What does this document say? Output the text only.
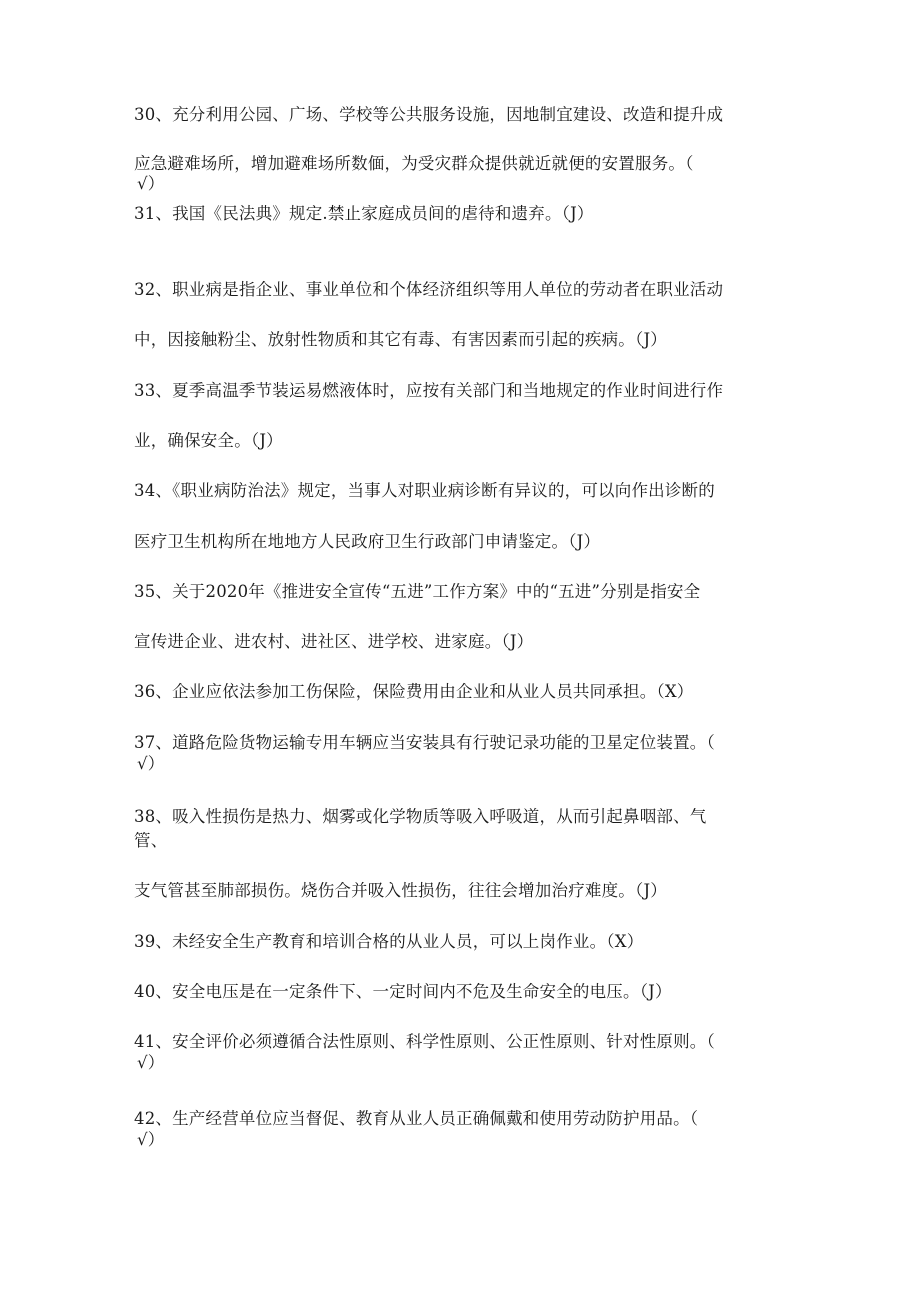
30、充分利用公园、广场、学校等公共服务设施，因地制宜建设、改造和提升成
应急避难场所，增加避难场所数偭，为受灾群众提供就近就便的安置服务。（
√）
31、我国《民法典》规定.禁止家庭成员间的虐待和遗弃。（J）
32、职业病是指企业、事业单位和个体经济组织等用人单位的劳动者在职业活动
中，因接触粉尘、放射性物质和其它有毒、有害因素而引起的疾病。（J）
33、夏季高温季节装运易燃液体时，应按有关部门和当地规定的作业时间进行作
业，确保安全。（J）
34、《职业病防治法》规定，当事人对职业病诊断有异议的，可以向作出诊断的
医疗卫生机构所在地地方人民政府卫生行政部门申请鉴定。（J）
35、关于2020年《推进安全宣传“五进”工作方案》中的“五进”分别是指安全
宣传进企业、进农村、进社区、进学校、进家庭。（J）
36、企业应依法参加工伤保险，保险费用由企业和从业人员共同承担。（X）
37、道路危险货物运输专用车辆应当安装具有行驶记录功能的卫星定位装置。（
√）
38、吸入性损伤是热力、烟雾或化学物质等吸入呼吸道，从而引起鼻咽部、气
管、
支气管甚至肺部损伤。烧伤合并吸入性损伤，往往会增加治疗难度。（J）
39、未经安全生产教育和培训合格的从业人员，可以上岗作业。（X）
40、安全电压是在一定条件下、一定时间内不危及生命安全的电压。（J）
41、安全评价必须遵循合法性原则、科学性原则、公正性原则、针对性原则。（
√）
42、生产经营单位应当督促、教育从业人员正确佩戴和使用劳动防护用品。（
√）
